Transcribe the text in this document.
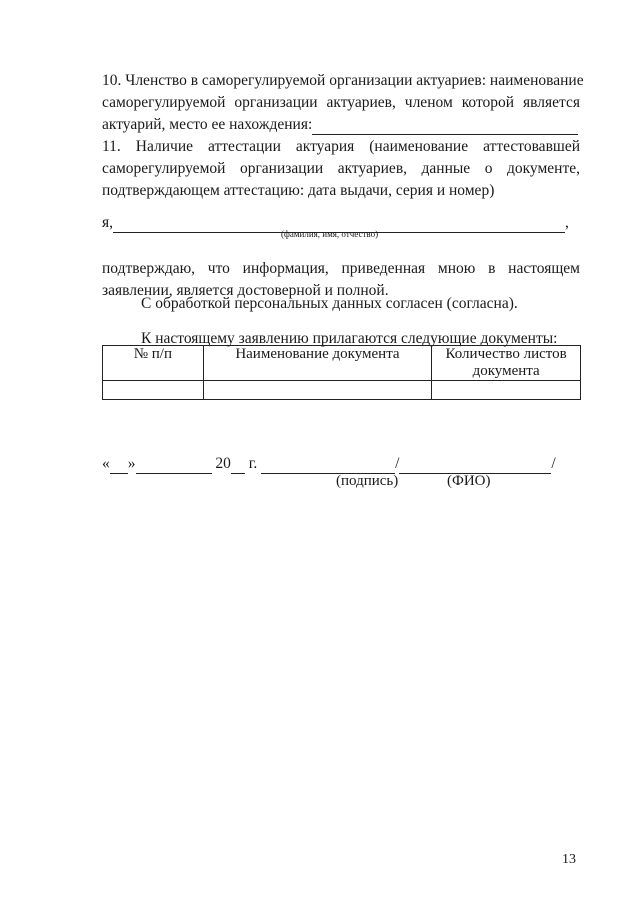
10. Членство в саморегулируемой организации актуариев: наименование
саморегулируемой организации актуариев, членом которой является
актуарий, место ее нахождения:
11. Наличие аттестации актуария (наименование аттестовавшей
саморегулируемой организации актуариев, данные о документе,
подтверждающем аттестацию: дата выдачи, серия и номер)
я,	,
(фамилия, имя, отчество)
подтверждаю, что информация, приведенная мною в настоящем
заявлении, является достоверной и полной.
С обработкой персональных данных согласен (согласна).
К настоящему заявлению прилагаются следующие документы:
№ п/п	Наименование документа	Количество листов документа

« »	20 г.	/	/
(подпись)	(ФИО)
13
